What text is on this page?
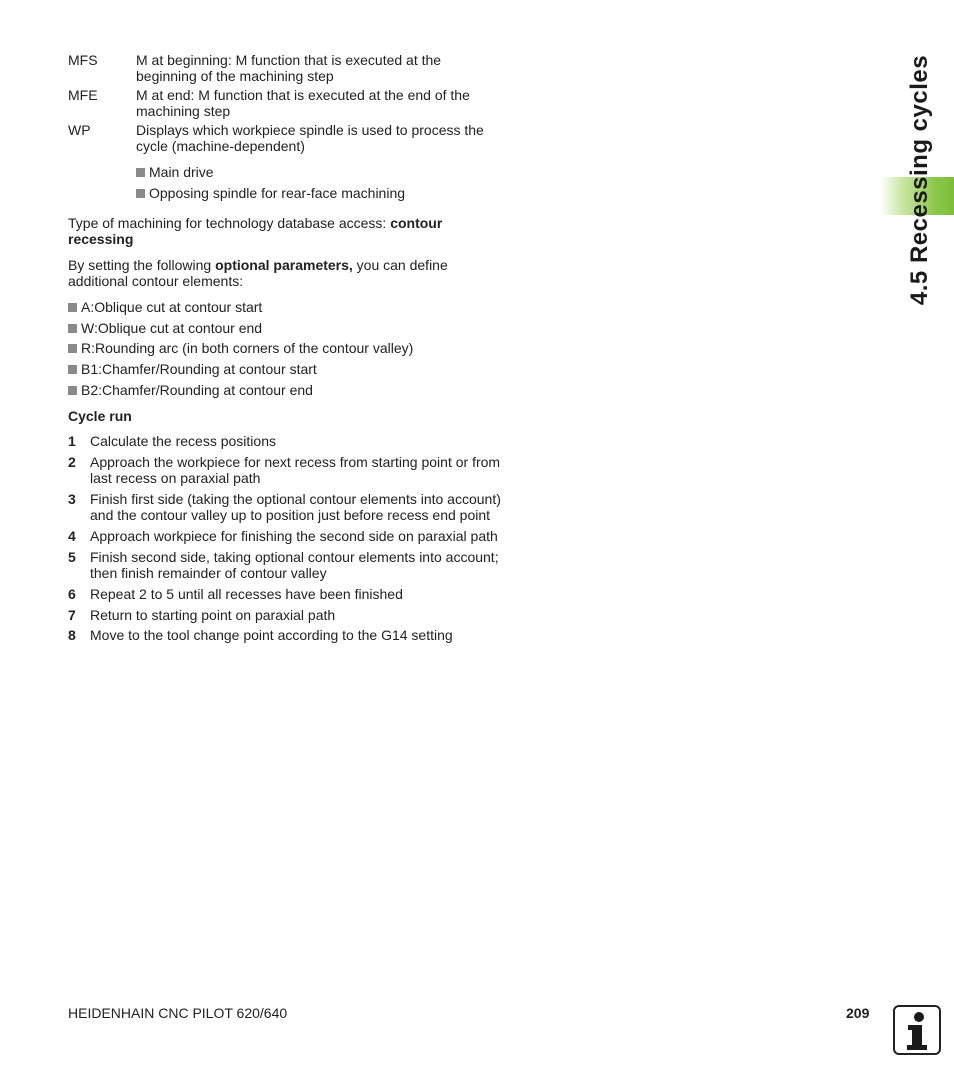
MFS	M at beginning: M function that is executed at the
beginning of the machining step
MFE	M at end: M function that is executed at the end of the
machining step
WP	Displays which workpiece spindle is used to process the
cycle (machine-dependent)
Main drive
Opposing spindle for rear-face machining
Type of machining for technology database access: contour
recessing
By setting the following optional parameters, you can define
additional contour elements:
A:Oblique cut at contour start
W:Oblique cut at contour end
R:Rounding arc (in both corners of the contour valley)
B1:Chamfer/Rounding at contour start
B2:Chamfer/Rounding at contour end
Cycle run
1	Calculate the recess positions
2	Approach the workpiece for next recess from starting point or from
last recess on paraxial path
3	Finish first side (taking the optional contour elements into account)
and the contour valley up to position just before recess end point
4	Approach workpiece for finishing the second side on paraxial path
5	Finish second side, taking optional contour elements into account;
then finish remainder of contour valley
6	Repeat 2 to 5 until all recesses have been finished
7	Return to starting point on paraxial path
8	Move to the tool change point according to the G14 setting
4.5 Recessing cycles
HEIDENHAIN CNC PILOT 620/640	209
